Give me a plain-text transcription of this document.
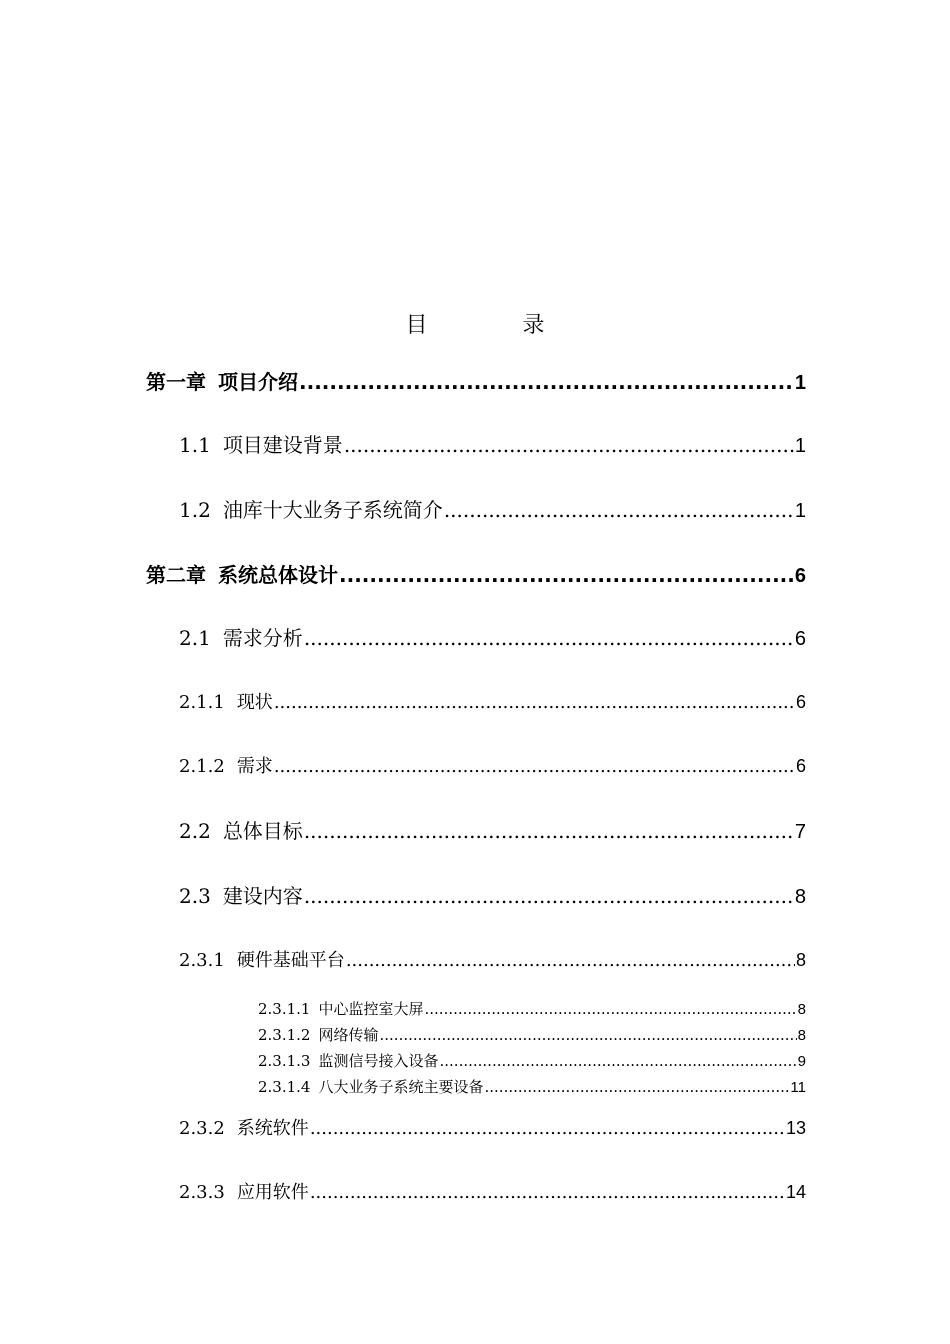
目 录
第一章 项目介绍 .....	1
1.1 项目建设背景 .....	1
1.2 油库十大业务子系统简介 .....	1
第二章 系统总体设计 .....	6
2.1 需求分析 .....	6
2.1.1 现状 .....	6
2.1.2 需求 .....	6
2.2 总体目标 .....	7
2.3 建设内容 .....	8
2.3.1 硬件基础平台 .....	8
2.3.1.1 中心监控室大屏 .....	8
2.3.1.2 网络传输 .....	8
2.3.1.3 监测信号接入设备 .....	9
2.3.1.4 八大业务子系统主要设备 .....	11
2.3.2 系统软件 .....	13
2.3.3 应用软件 .....	14
